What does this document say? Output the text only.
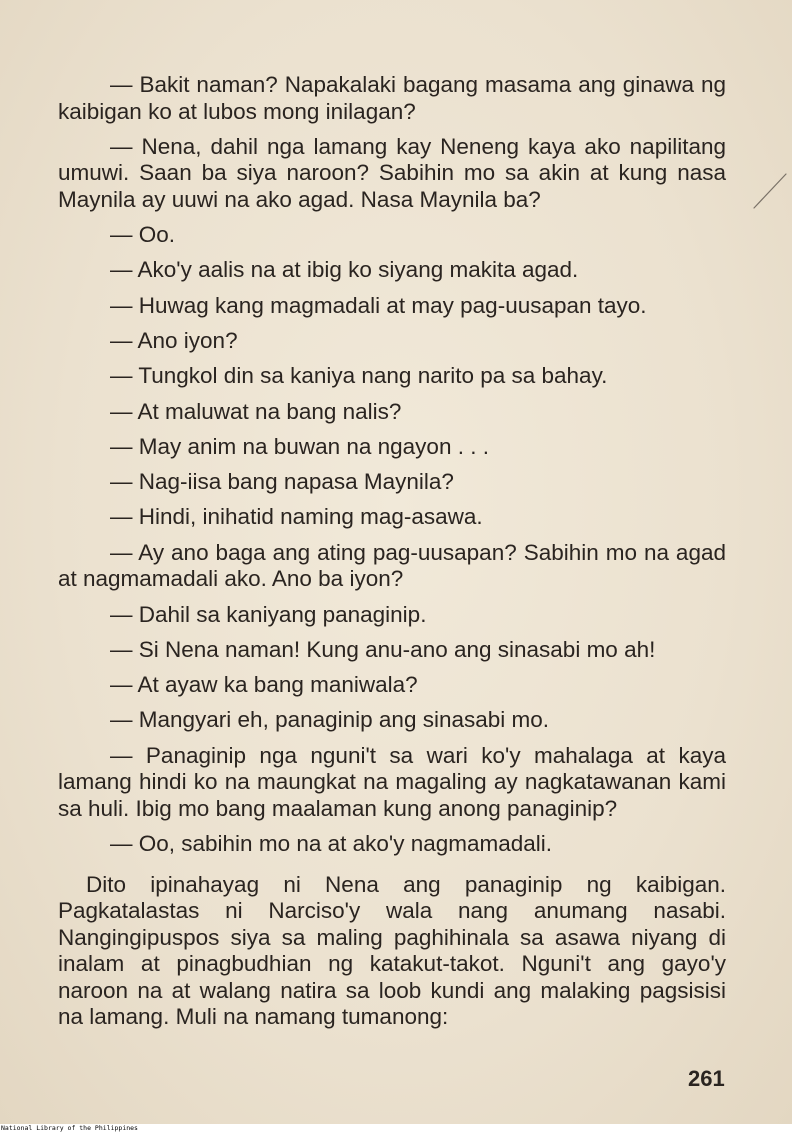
— Bakit naman? Napakalaki bagang masama ang ginawa ng kaibigan ko at lubos mong inilagan?

— Nena, dahil nga lamang kay Neneng kaya ako napilitang umuwi. Saan ba siya naroon? Sabihin mo sa akin at kung nasa Maynila ay uuwi na ako agad. Nasa Maynila ba?

— Oo.

— Ako'y aalis na at ibig ko siyang makita agad.

— Huwag kang magmadali at may pag-uusapan tayo.

— Ano iyon?

— Tungkol din sa kaniya nang narito pa sa bahay.

— At maluwat na bang nalis?

— May anim na buwan na ngayon . . .

— Nag-iisa bang napasa Maynila?

— Hindi, inihatid naming mag-asawa.

— Ay ano baga ang ating pag-uusapan? Sabihin mo na agad at nagmamadali ako. Ano ba iyon?

— Dahil sa kaniyang panaginip.

— Si Nena naman! Kung anu-ano ang sinasabi mo ah!

— At ayaw ka bang maniwala?

— Mangyari eh, panaginip ang sinasabi mo.

— Panaginip nga nguni't sa wari ko'y mahalaga at kaya lamang hindi ko na maungkat na magaling ay nagkatawanan kami sa huli. Ibig mo bang maalaman kung anong panaginip?

— Oo, sabihin mo na at ako'y nagmamadali.

Dito ipinahayag ni Nena ang panaginip ng kaibigan. Pagkatalastas ni Narciso'y wala nang anumang nasabi. Nangingipuspos siya sa maling paghihinala sa asawa niyang di inalam at pinagbudhian ng katakut-takot. Nguni't ang gayo'y naroon na at walang natira sa loob kundi ang malaking pagsisisi na lamang. Muli na namang tumanong:

261
National Library of the Philippines
